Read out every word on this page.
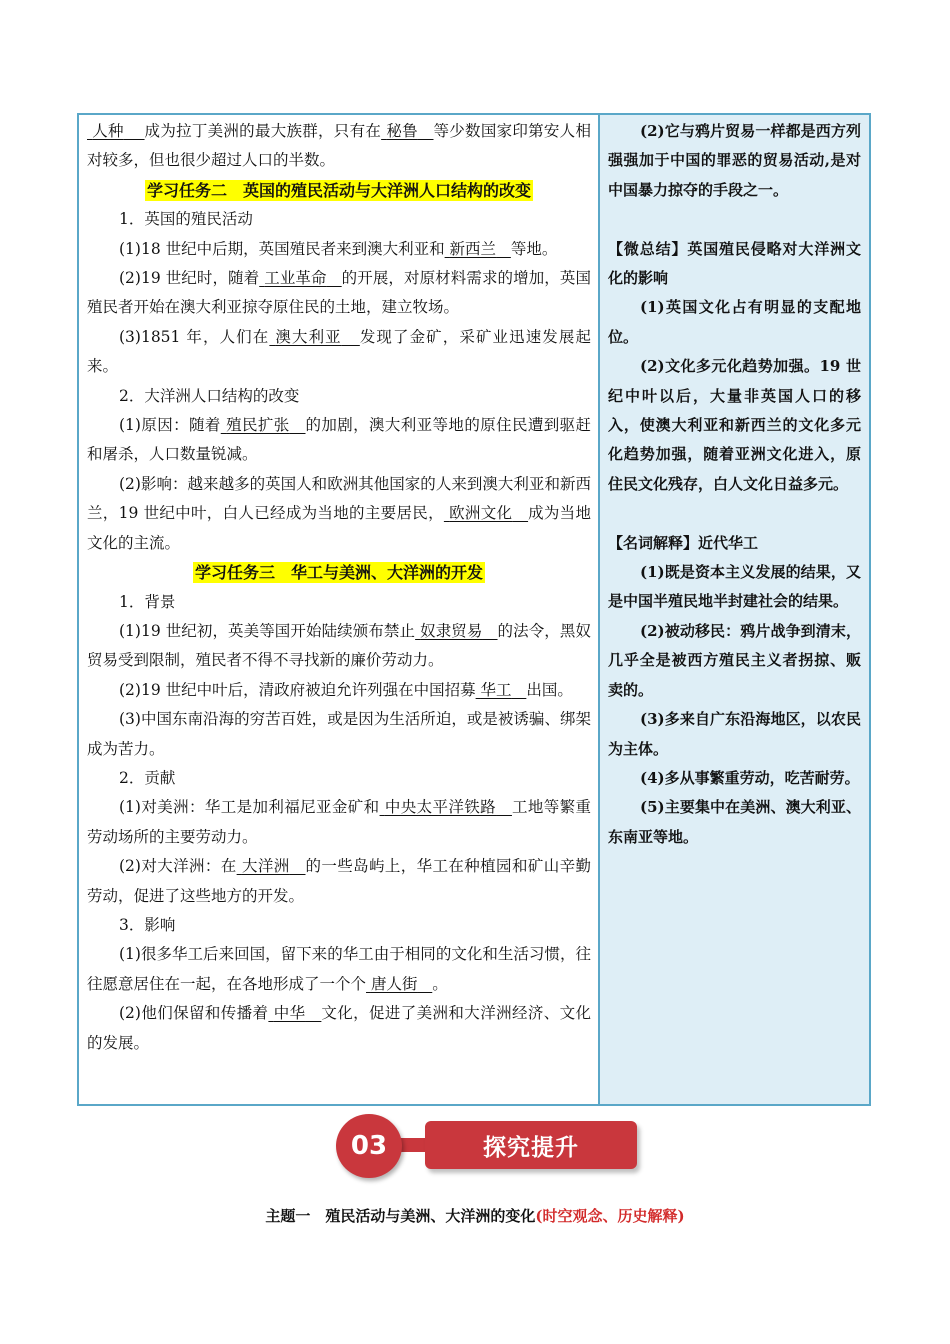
人种 成为拉丁美洲的最大族群，只有在 秘鲁 等少数国家印第安人相对较多，但也很少超过人口的半数。

学习任务二　英国的殖民活动与大洋洲人口结构的改变

1．英国的殖民活动

(1)18 世纪中后期，英国殖民者来到澳大利亚和 新西兰 等地。

(2)19 世纪时，随着 工业革命 的开展，对原材料需求的增加，英国殖民者开始在澳大利亚掠夺原住民的土地，建立牧场。

(3)1851 年，人们在 澳大利亚 发现了金矿，采矿业迅速发展起来。

2．大洋洲人口结构的改变

(1)原因：随着 殖民扩张 的加剧，澳大利亚等地的原住民遭到驱赶和屠杀，人口数量锐减。

(2)影响：越来越多的英国人和欧洲其他国家的人来到澳大利亚和新西兰，19 世纪中叶，白人已经成为当地的主要居民， 欧洲文化 成为当地文化的主流。

学习任务三　华工与美洲、大洋洲的开发

1．背景

(1)19 世纪初，英美等国开始陆续颁布禁止 奴隶贸易 的法令，黑奴贸易受到限制，殖民者不得不寻找新的廉价劳动力。

(2)19 世纪中叶后，清政府被迫允许列强在中国招募 华工 出国。

(3)中国东南沿海的穷苦百姓，或是因为生活所迫，或是被诱骗、绑架成为苦力。

2．贡献

(1)对美洲：华工是加利福尼亚金矿和 中央太平洋铁路 工地等繁重劳动场所的主要劳动力。

(2)对大洋洲：在 大洋洲 的一些岛屿上，华工在种植园和矿山辛勤劳动，促进了这些地方的开发。

3．影响

(1)很多华工后来回国，留下来的华工由于相同的文化和生活习惯，往往愿意居住在一起，在各地形成了一个个 唐人街 。

(2)他们保留和传播着 中华 文化，促进了美洲和大洋洲经济、文化的发展。

(2)它与鸦片贸易一样都是西方列强强加于中国的罪恶的贸易活动,是对中国暴力掠夺的手段之一。

【微总结】英国殖民侵略对大洋洲文化的影响

(1)英国文化占有明显的支配地位。

(2)文化多元化趋势加强。19 世纪中叶以后，大量非英国人口的移入，使澳大利亚和新西兰的文化多元化趋势加强，随着亚洲文化进入，原住民文化残存，白人文化日益多元。

【名词解释】近代华工

(1)既是资本主义发展的结果，又是中国半殖民地半封建社会的结果。

(2)被动移民：鸦片战争到清末，几乎全是被西方殖民主义者拐掠、贩卖的。

(3)多来自广东沿海地区，以农民为主体。

(4)多从事繁重劳动，吃苦耐劳。

(5)主要集中在美洲、澳大利亚、东南亚等地。

探究提升
03
主题一　殖民活动与美洲、大洋洲的变化(时空观念、历史解释)
